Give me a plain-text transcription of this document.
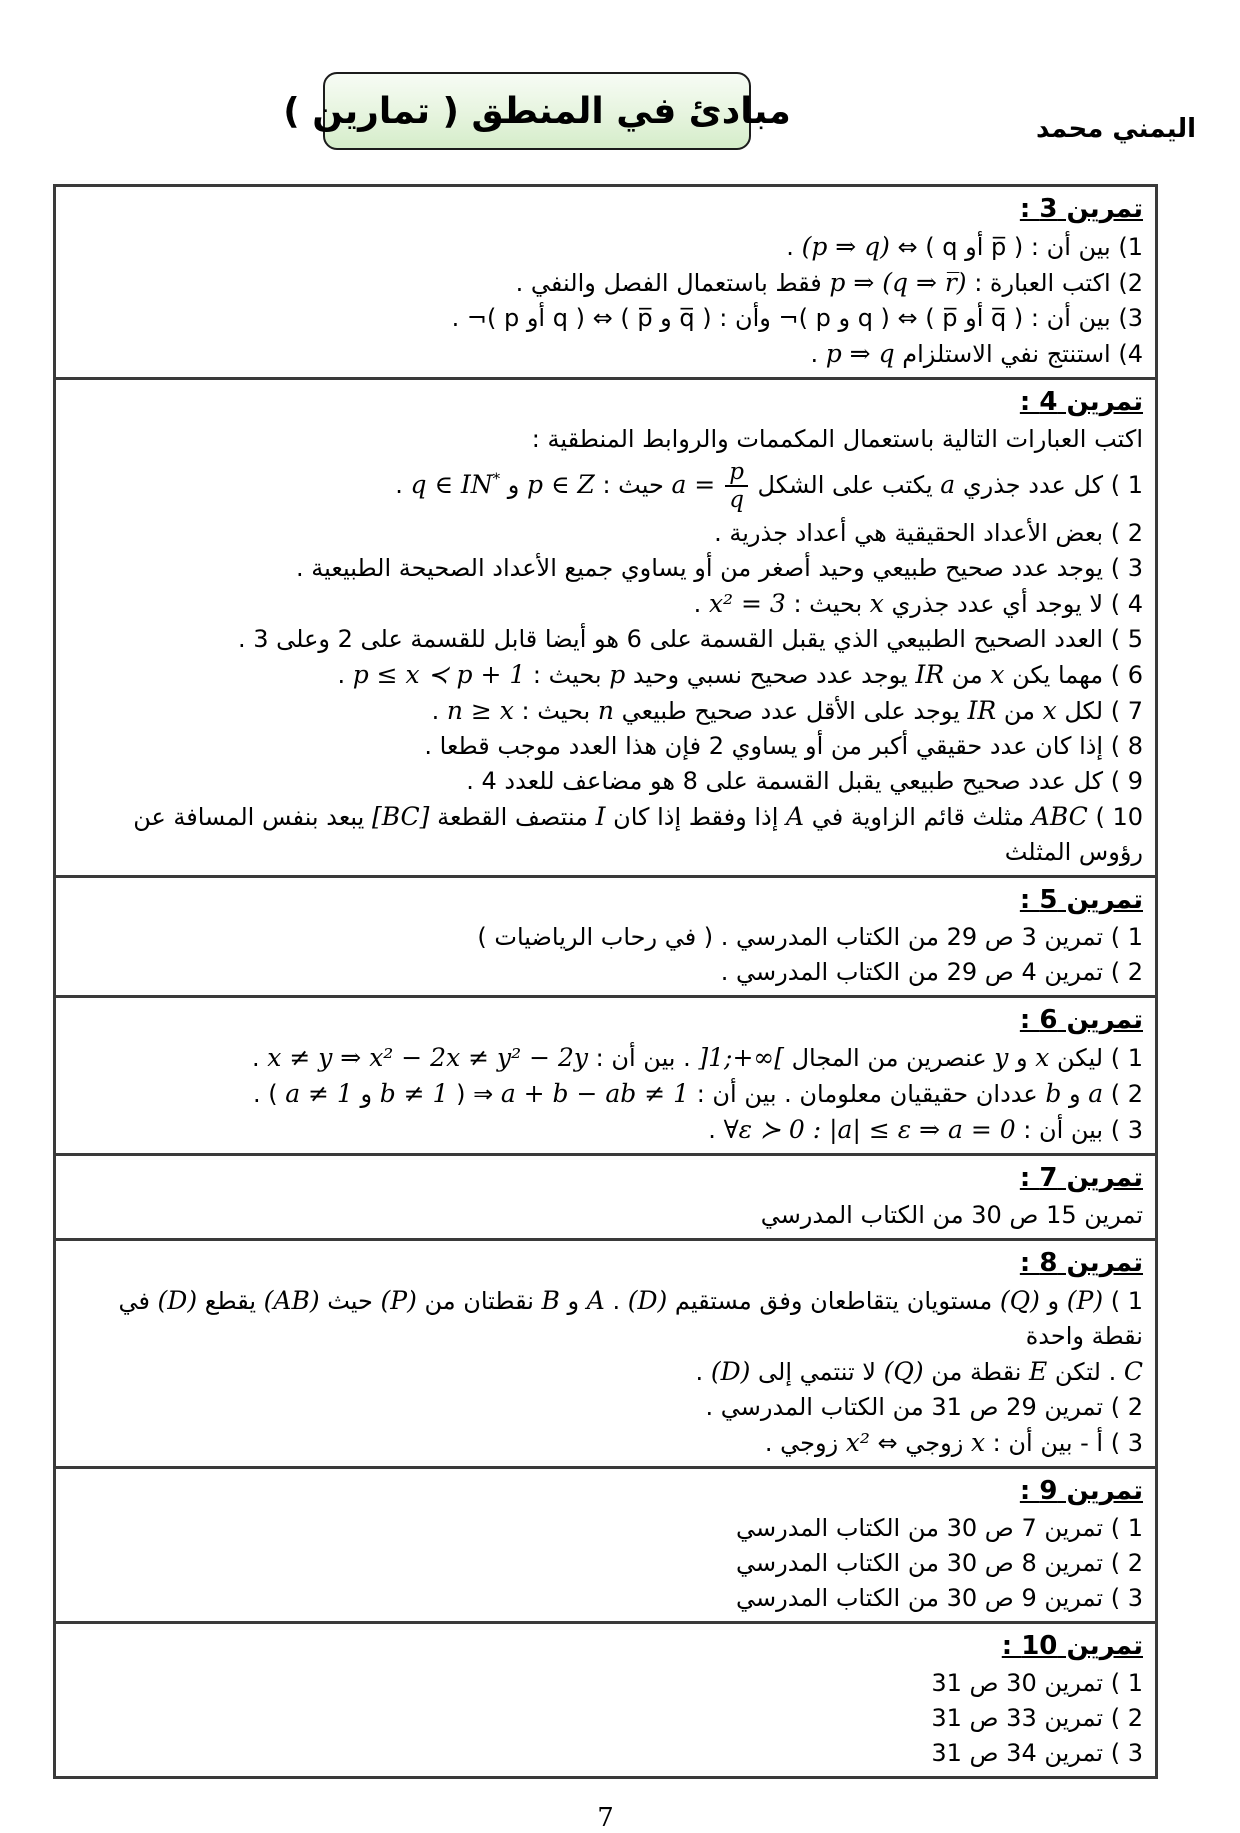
اليمني محمد
مبادئ في المنطق ( تمارين )
تمرين 3 :
1) بين أن : ( p̅ أو q ) ⇔ (p ⇒ q) .
2) اكتب العبارة : p ⇒ (q ⇒ r̅) فقط باستعمال الفصل والنفي .
3) بين أن : ( q̅ أو p̅ ) ⇔ ( q و p )¬ وأن : ( q̅ و p̅ ) ⇔ ( q أو p )¬ .
4) استنتج نفي الاستلزام p ⇒ q .
تمرين 4 :
اكتب العبارات التالية باستعمال المكممات والروابط المنطقية :
1 ) كل عدد جذري a يكتب على الشكل $a = \frac{p}{q}$
حيث : p ∈ Z و q ∈ IN* .
2 ) بعض الأعداد الحقيقية هي أعداد جذرية .
3 ) يوجد عدد صحيح طبيعي وحيد أصغر من أو يساوي جميع الأعداد الصحيحة الطبيعية .
4 ) لا يوجد أي عدد جذري x بحيث : x² = 3 .
5 ) العدد الصحيح الطبيعي الذي يقبل القسمة على 6 هو أيضا قابل للقسمة على 2 وعلى 3 .
6 ) مهما يكن x من IR يوجد عدد صحيح نسبي وحيد p بحيث : p ≤ x ≺ p + 1 .
7 ) لكل x من IR يوجد على الأقل عدد صحيح طبيعي n بحيث : n ≥ x .
8 ) إذا كان عدد حقيقي أكبر من أو يساوي 2 فإن هذا العدد موجب قطعا .
9 ) كل عدد صحيح طبيعي يقبل القسمة على 8 هو مضاعف للعدد 4 .
10 ) ABC مثلث قائم الزاوية في A إذا وفقط إذا كان I منتصف القطعة [BC] يبعد بنفس المسافة عن رؤوس المثلث
تمرين 5 :
1 ) تمرين 3 ص 29 من الكتاب المدرسي . ( في رحاب الرياضيات )
2 ) تمرين 4 ص 29 من الكتاب المدرسي .
تمرين 6 :
1 ) ليكن x و y عنصرين من المجال ]1;+∞[ . بين أن : x ≠ y ⇒ x² − 2x ≠ y² − 2y .
2 ) a و b عددان حقيقيان معلومان . بين أن : a + b − ab ≠ 1 ⇒ ( b ≠ 1 و a ≠ 1 ) .
3 ) بين أن : ∀ε ≻ 0 : |a| ≤ ε ⇒ a = 0 .
تمرين 7 :
تمرين 15 ص 30 من الكتاب المدرسي
تمرين 8 :
1 ) (P) و (Q) مستويان يتقاطعان وفق مستقيم (D) . A و B نقطتان من (P) حيث (AB) يقطع (D) في نقطة واحدة
C . لتكن E نقطة من (Q) لا تنتمي إلى (D) .
2 ) تمرين 29 ص 31 من الكتاب المدرسي .
3 ) أ - بين أن : x زوجي ⇔ x² زوجي .
تمرين 9 :
1 ) تمرين 7 ص 30 من الكتاب المدرسي
2 ) تمرين 8 ص 30 من الكتاب المدرسي
3 ) تمرين 9 ص 30 من الكتاب المدرسي
تمرين 10 :
1 ) تمرين 30 ص 31
2 ) تمرين 33 ص 31
3 ) تمرين 34 ص 31
7
